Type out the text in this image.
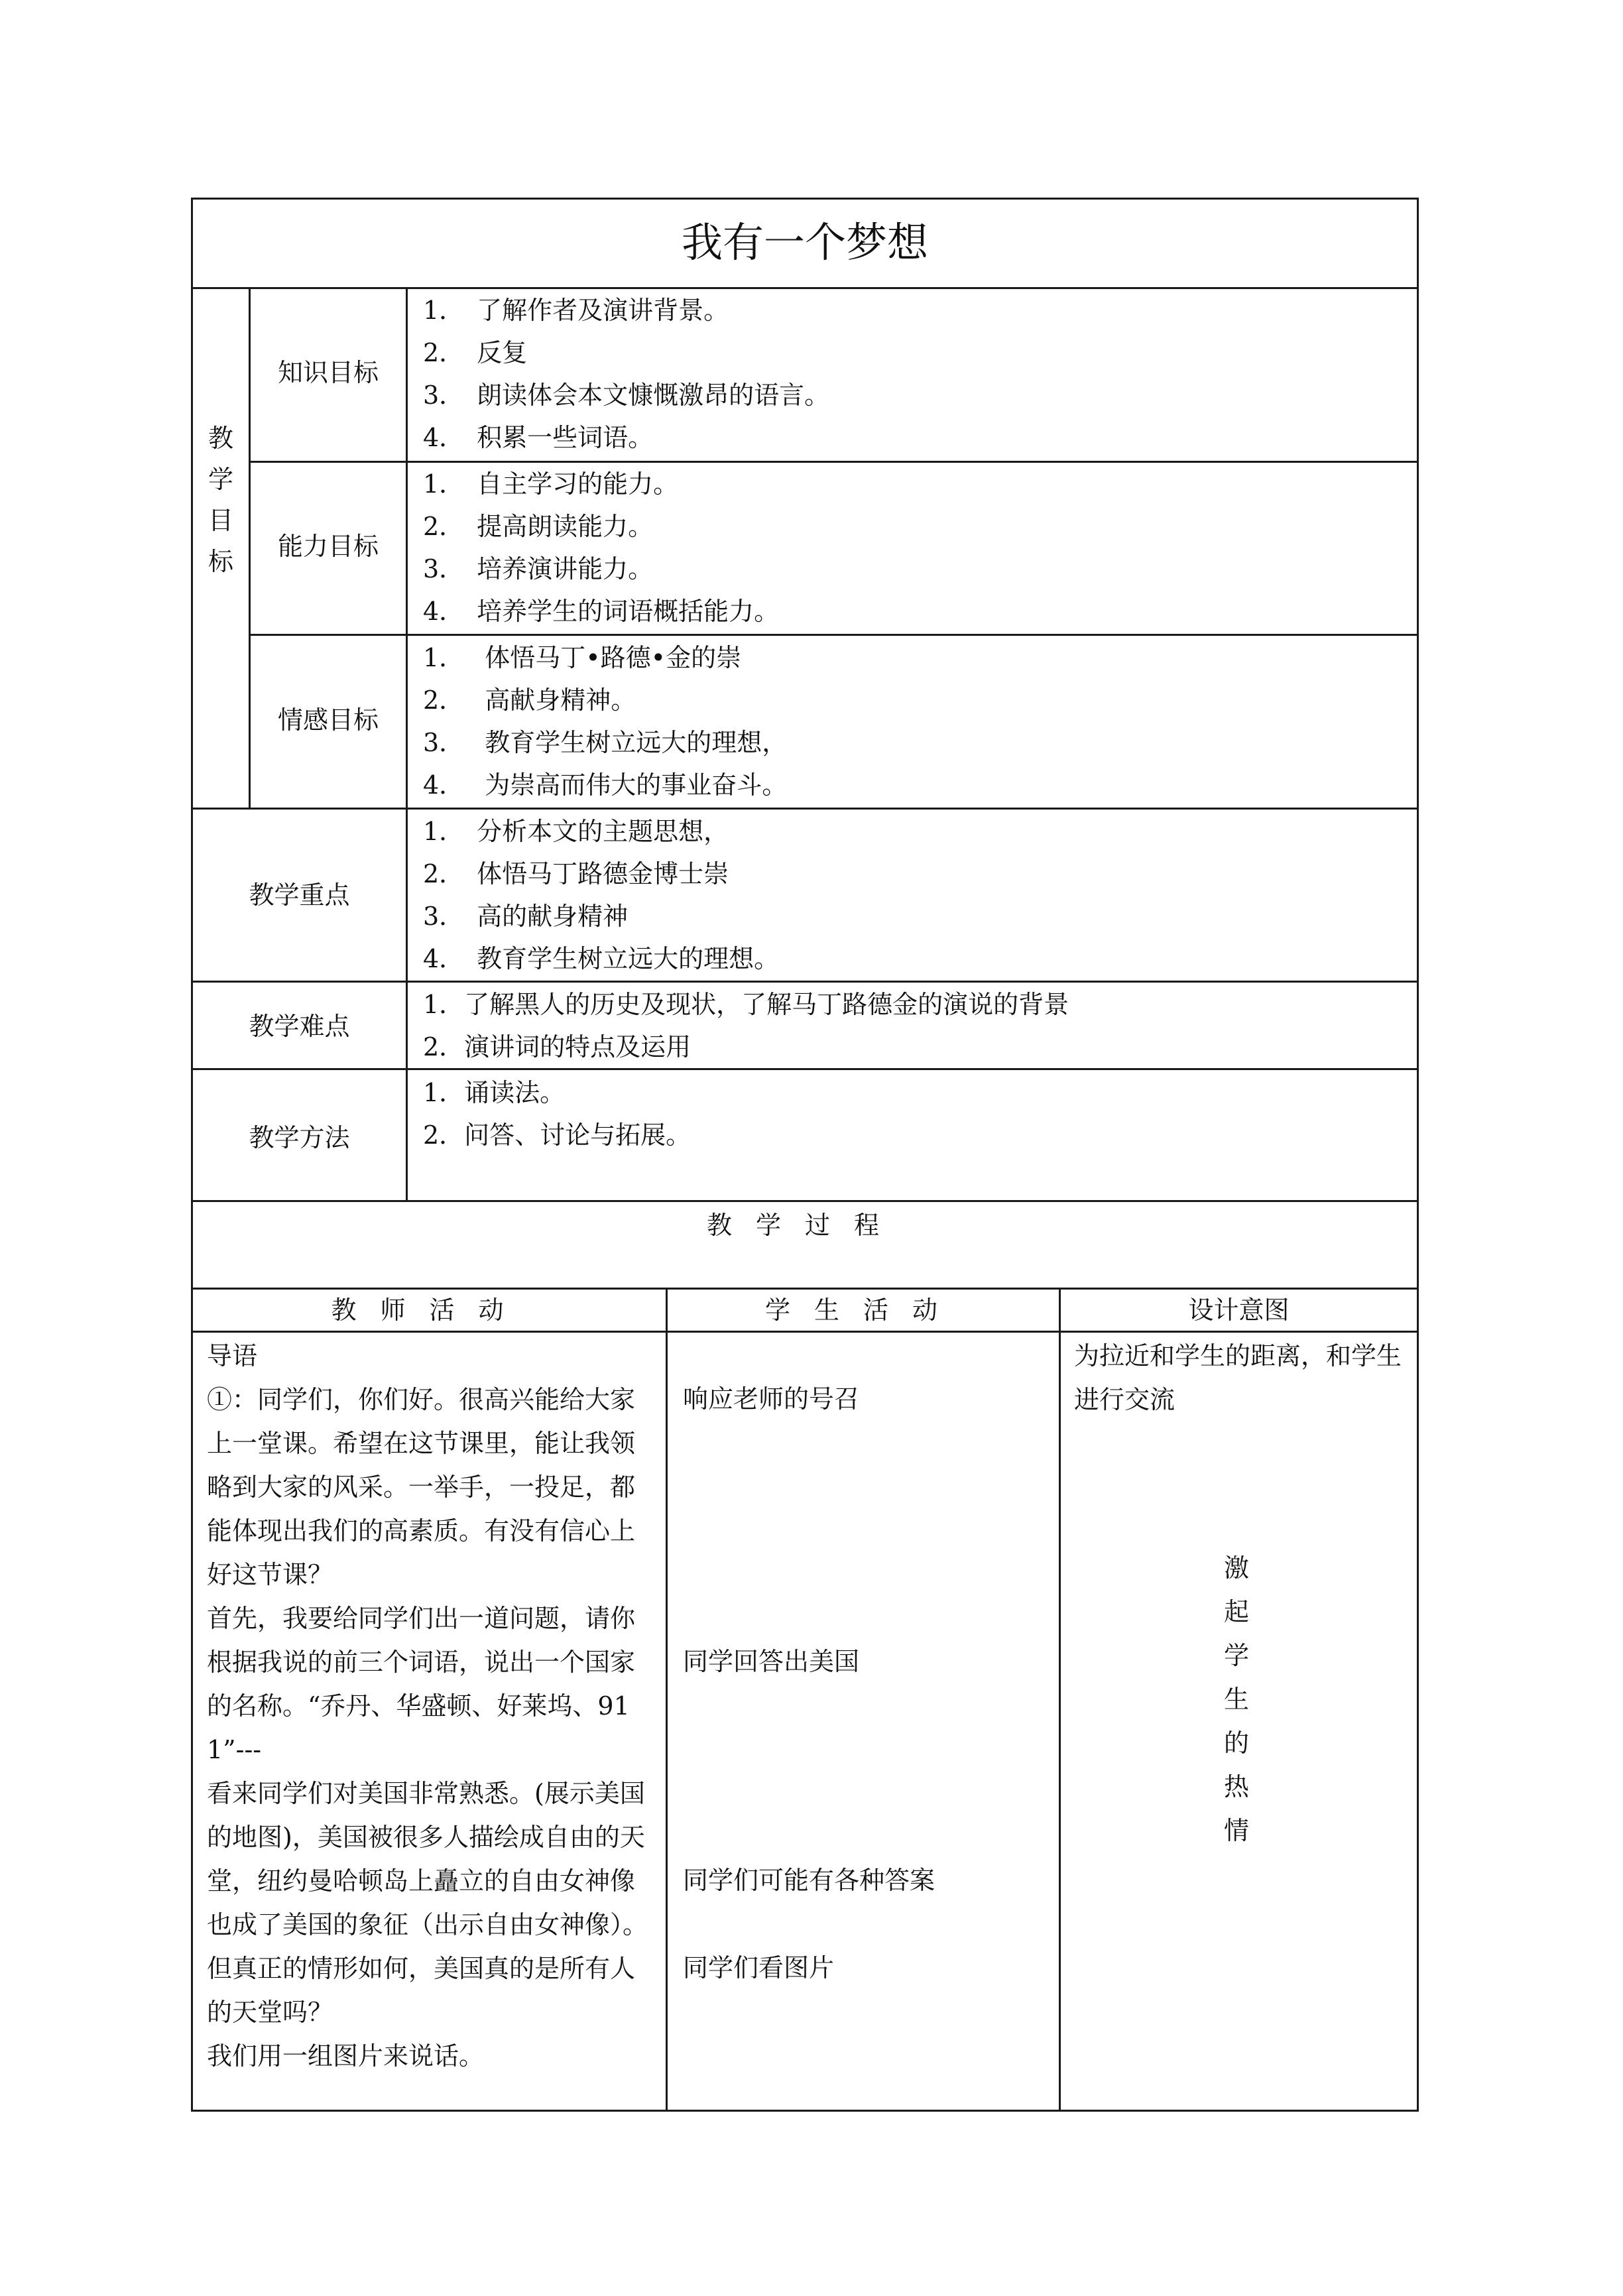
我有一个梦想
教学目标
知识目标
1．　了解作者及演讲背景。
2．　反复
3．　朗读体会本文慷慨激昂的语言。
4．　积累一些词语。
能力目标
1．　自主学习的能力。
2．　提高朗读能力。
3．　培养演讲能力。
4．　培养学生的词语概括能力。
情感目标
1．　 体悟马丁•路德•金的崇
2．　 高献身精神。
3．　 教育学生树立远大的理想，
4．　 为崇高而伟大的事业奋斗。
教学重点
1．　分析本文的主题思想，
2．　体悟马丁路德金博士崇
3．　高的献身精神
4．　教育学生树立远大的理想。
教学难点
1．了解黑人的历史及现状，了解马丁路德金的演说的背景
2．演讲词的特点及运用
教学方法
1．诵读法。
2．问答、讨论与拓展。
教学过程
教师活动	学生活动	设计意图
导语
①：同学们，你们好。很高兴能给大家上一堂课。希望在这节课里，能让我领略到大家的风采。一举手，一投足，都能体现出我们的高素质。有没有信心上好这节课？
首先，我要给同学们出一道问题，请你根据我说的前三个词语，说出一个国家的名称。“乔丹、华盛顿、好莱坞、911”---
看来同学们对美国非常熟悉。(展示美国的地图)，美国被很多人描绘成自由的天堂，纽约曼哈顿岛上矗立的自由女神像也成了美国的象征（出示自由女神像）。
但真正的情形如何，美国真的是所有人的天堂吗？
我们用一组图片来说话。
响应老师的号召
同学回答出美国
同学们可能有各种答案
同学们看图片
为拉近和学生的距离，和学生进行交流
激起学生的热情
